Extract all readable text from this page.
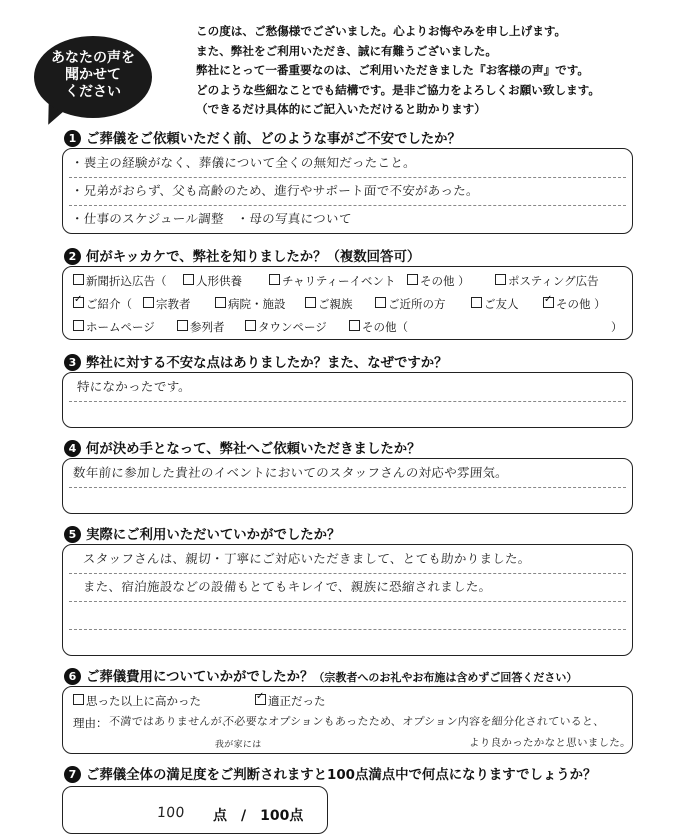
あなたの声を
聞かせて
ください
この度は、ご愁傷様でございました。心よりお悔やみを申し上げます。
また、弊社をご利用いただき、誠に有難うございました。
弊社にとって一番重要なのは、ご利用いただきました『お客様の声』です。
どのような些細なことでも結構です。是非ご協力をよろしくお願い致します。
（できるだけ具体的にご記入いただけると助かります）
1 ご葬儀をご依頼いただく前、どのような事がご不安でしたか？
・喪主の経験がなく、葬儀について全くの無知だったこと。
・兄弟がおらず、父も高齢のため、進行やサポート面で不安があった。
・仕事のスケジュール調整　・母の写真について
2 何がキッカケで、弊社を知りましたか？（複数回答可）
新聞折込広告（	人形供養	チャリティーイベント	その他 ）	ポスティング広告
✓ご紹介（	宗教者	病院・施設	ご親族	ご近所の方	ご友人 ✓	その他 ）
ホームページ	参列者	タウンページ	その他（	）
3 弊社に対する不安な点はありましたか？また、なぜですか？
特になかったです。
4 何が決め手となって、弊社へご依頼いただきましたか？
数年前に参加した貴社のイベントにおいてのスタッフさんの対応や雰囲気。
5 実際にご利用いただいていかがでしたか？
スタッフさんは、親切・丁寧にご対応いただきまして、とても助かりました。
また、宿泊施設などの設備もとてもキレイで、親族に恐縮されました。
6 ご葬儀費用についていかがでしたか？（宗教者へのお礼やお布施は含めずご回答ください）
思った以上に高かった ✓	適正だった
理由： 不満ではありませんが、
不必要なオプションもあったため、オプション内容を細分化されていると、
我が家には	より良かったかなと思いました。
7 ご葬儀全体の満足度をご判断されますと100点満点中で何点になりますでしょうか？
100 点　/　100点
